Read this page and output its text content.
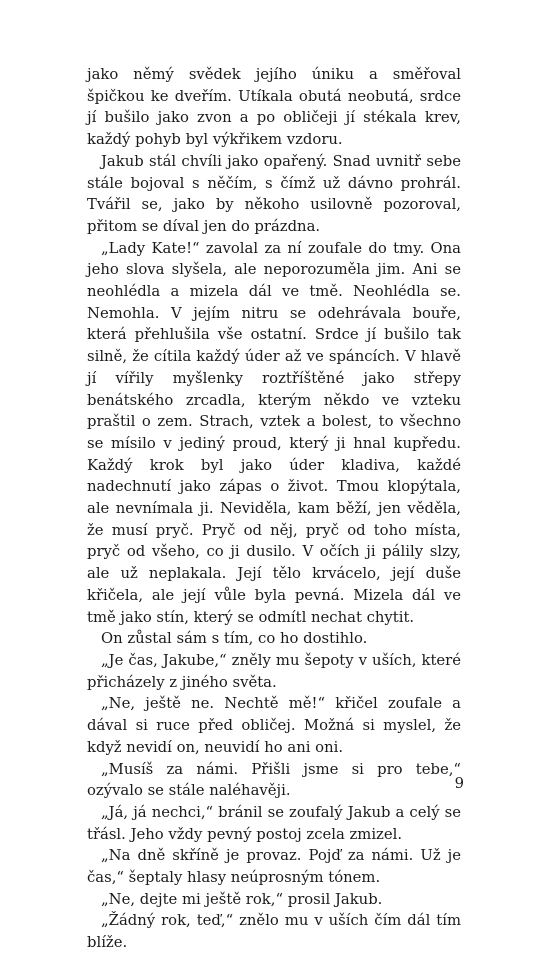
jako němý svědek jejího úniku a směřoval špičkou ke dveřím. Utíkala obutá neobutá, srdce jí bušilo jako zvon a po obličeji jí stékala krev, každý pohyb byl výkřikem vzdoru.

Jakub stál chvíli jako opařený. Snad uvnitř sebe stále bojoval s něčím, s čímž už dávno prohrál. Tvářil se, jako by někoho usilovně pozoroval, přitom se díval jen do prázdna.

„Lady Kate!“ zavolal za ní zoufale do tmy. Ona jeho slova slyšela, ale neporozuměla jim. Ani se neohlédla a mizela dál ve tmě. Neohlédla se. Nemohla. V jejím nitru se odehrávala bouře, která přehlušila vše ostatní. Srdce jí bušilo tak silně, že cítila každý úder až ve spáncích. V hlavě jí vířily myšlenky roztříštěné jako střepy benátského zrcadla, kterým někdo ve vzteku praštil o zem. Strach, vztek a bolest, to všechno se mísilo v jediný proud, který ji hnal kupředu. Každý krok byl jako úder kladiva, každé nadechnutí jako zápas o život. Tmou klopýtala, ale nevnímala ji. Neviděla, kam běží, jen věděla, že musí pryč. Pryč od něj, pryč od toho místa, pryč od všeho, co ji dusilo. V očích ji pálily slzy, ale už neplakala. Její tělo krvácelo, její duše křičela, ale její vůle byla pevná. Mizela dál ve tmě jako stín, který se odmítl nechat chytit.

On zůstal sám s tím, co ho dostihlo.

„Je čas, Jakube,“ zněly mu šepoty v uších, které přicházely z jiného světa.

„Ne, ještě ne. Nechtě mě!“ křičel zoufale a dával si ruce před obličej. Možná si myslel, že když nevidí on, neuvidí ho ani oni.

„Musíš za námi. Přišli jsme si pro tebe,“ ozývalo se stále naléhavěji.

„Já, já nechci,“ bránil se zoufalý Jakub a celý se třásl. Jeho vždy pevný postoj zcela zmizel.

„Na dně skříně je provaz. Pojď za námi. Už je čas,“ šeptaly hlasy neúprosným tónem.

„Ne, dejte mi ještě rok,“ prosil Jakub.

„Žádný rok, teď,“ znělo mu v uších čím dál tím blíže.

9
